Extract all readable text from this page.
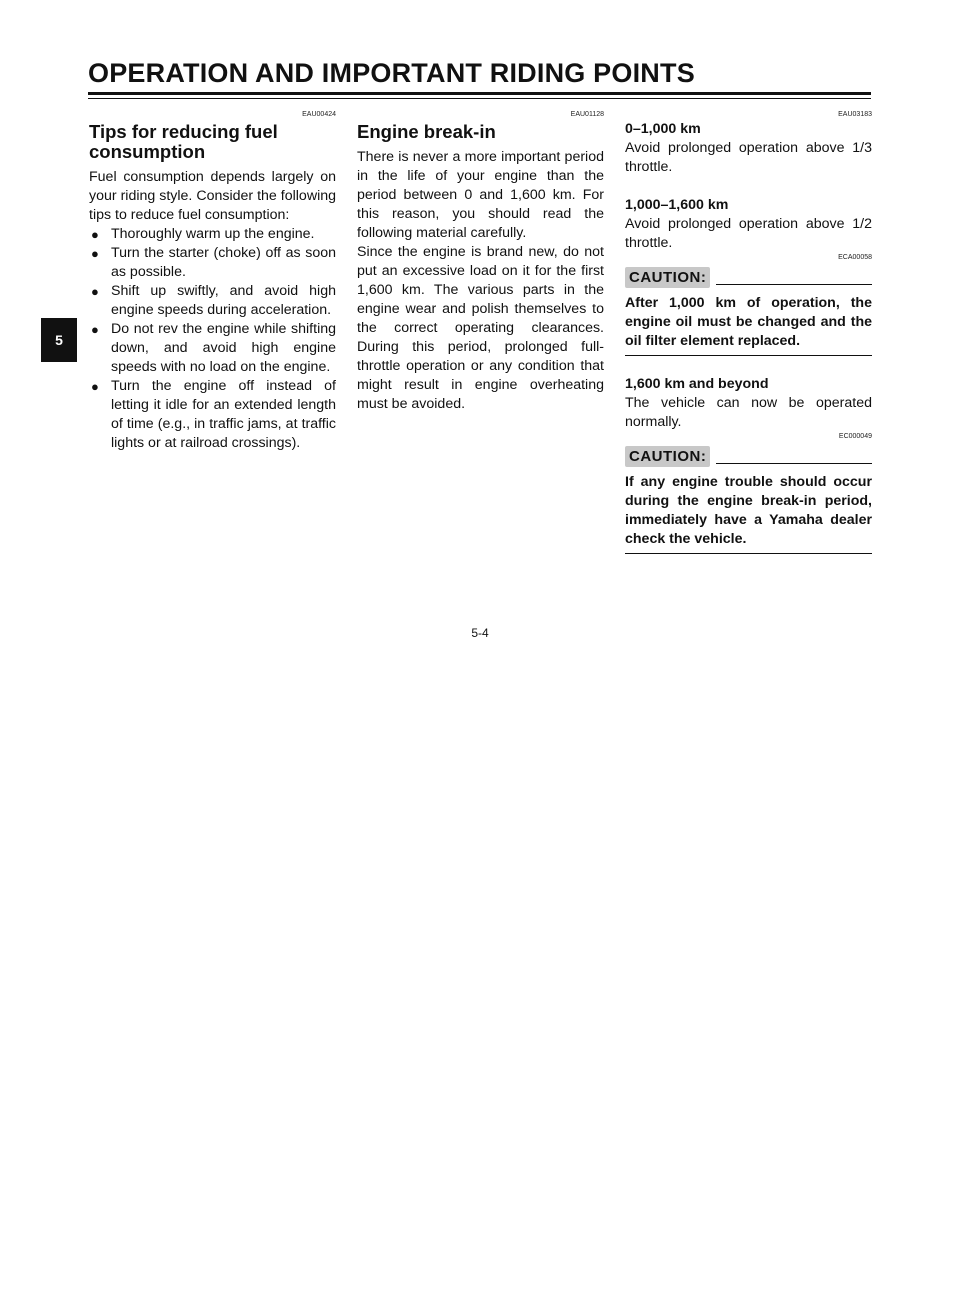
OPERATION AND IMPORTANT RIDING POINTS
5
EAU00424
Tips for reducing fuel consumption

Fuel consumption depends largely on your riding style. Consider the following tips to reduce fuel consumption:

● Thoroughly warm up the engine.
● Turn the starter (choke) off as soon as possible.
● Shift up swiftly, and avoid high engine speeds during acceleration.
● Do not rev the engine while shifting down, and avoid high engine speeds with no load on the engine.
● Turn the engine off instead of letting it idle for an extended length of time (e.g., in traffic jams, at traffic lights or at railroad crossings).
EAU01128
Engine break-in

There is never a more important period in the life of your engine than the period between 0 and 1,600 km. For this reason, you should read the following material carefully.

Since the engine is brand new, do not put an excessive load on it for the first 1,600 km. The various parts in the engine wear and polish themselves to the correct operating clearances. During this period, prolonged full-throttle operation or any condition that might result in engine overheating must be avoided.

EAU03183

0–1,000 km

Avoid prolonged operation above 1/3 throttle.

1,000–1,600 km

Avoid prolonged operation above 1/2 throttle.

ECA00058
CAUTION:

After 1,000 km of operation, the engine oil must be changed and the oil filter element replaced.

1,600 km and beyond

The vehicle can now be operated normally.

EC000049
CAUTION:

If any engine trouble should occur during the engine break-in period, immediately have a Yamaha dealer check the vehicle.

5-4
